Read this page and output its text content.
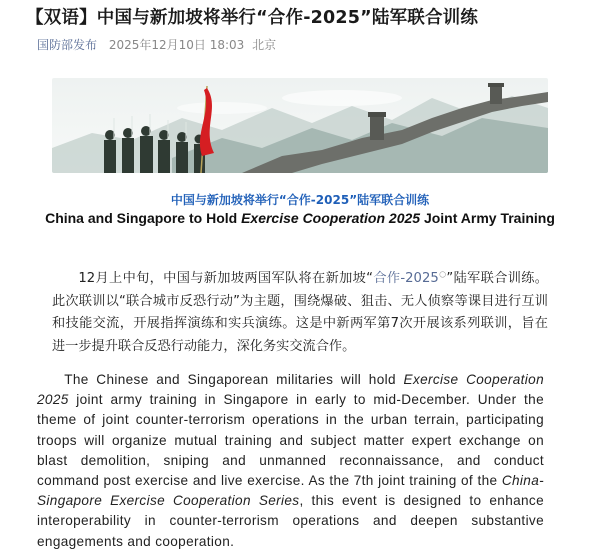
【双语】中国与新加坡将举行“合作-2025”陆军联合训练
国防部发布 2025年12月10日 18:03 北京
中国与新加坡将举行“合作-2025”陆军联合训练
China and Singapore to Hold Exercise Cooperation 2025 Joint Army Training

12月上中旬，中国与新加坡两国军队将在新加坡“合作-2025○”陆军联合训练。此次联训以“联合城市反恐行动”为主题，围绕爆破、狙击、无人侦察等课目进行互训和技能交流，开展指挥演练和实兵演练。这是中新两军第7次开展该系列联训，旨在进一步提升联合反恐行动能力，深化务实交流合作。

The Chinese and Singaporean militaries will hold Exercise Cooperation 2025 joint army training in Singapore in early to mid-December. Under the theme of joint counter-terrorism operations in the urban terrain, participating troops will organize mutual training and subject matter expert exchange on blast demolition, sniping and unmanned reconnaissance, and conduct command post exercise and live exercise. As the 7th joint training of the China-Singapore Exercise Cooperation Series, this event is designed to enhance interoperability in counter-terrorism operations and deepen substantive engagements and cooperation.
